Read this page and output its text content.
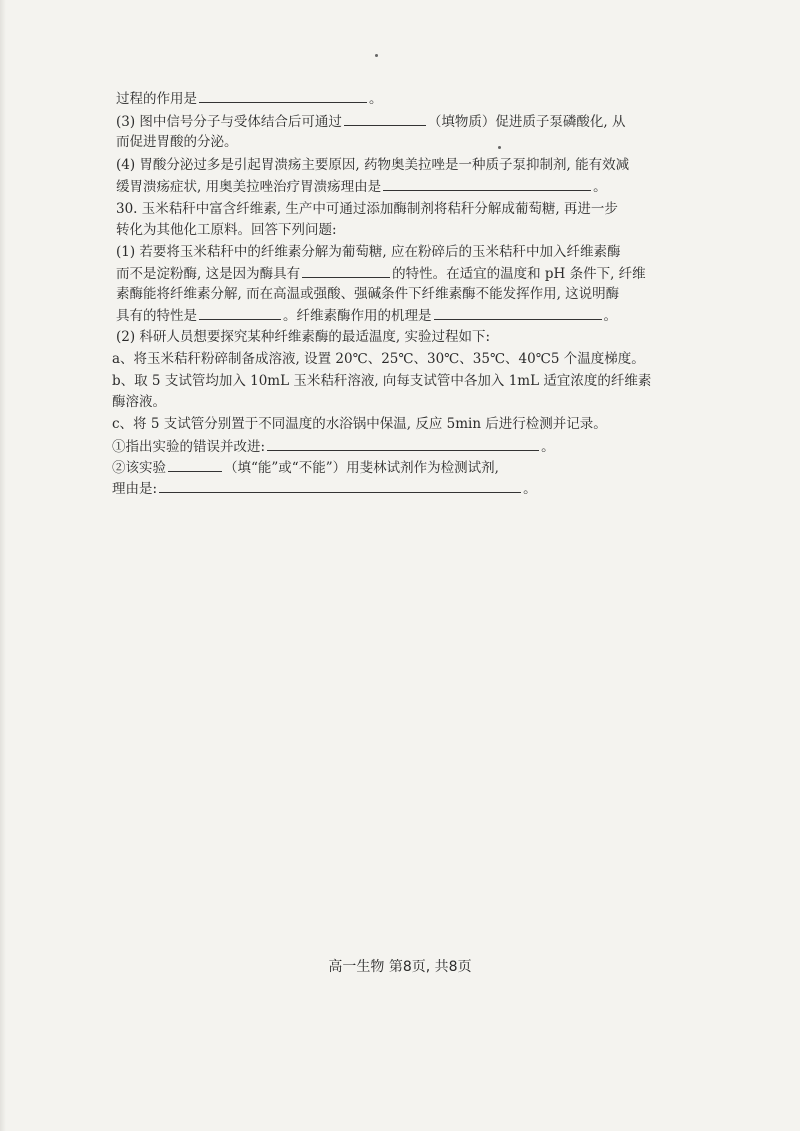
过程的作用是	。
(3) 图中信号分子与受体结合后可通过	（填物质）促进质子泵磷酸化, 从
而促进胃酸的分泌。
(4) 胃酸分泌过多是引起胃溃疡主要原因, 药物奥美拉唑是一种质子泵抑制剂, 能有效减
缓胃溃疡症状, 用奥美拉唑治疗胃溃疡理由是	。
30. 玉米秸秆中富含纤维素, 生产中可通过添加酶制剂将秸秆分解成葡萄糖, 再进一步
转化为其他化工原料。回答下列问题:
(1) 若要将玉米秸秆中的纤维素分解为葡萄糖, 应在粉碎后的玉米秸秆中加入纤维素酶
而不是淀粉酶, 这是因为酶具有	的特性。在适宜的温度和 pH 条件下, 纤维
素酶能将纤维素分解, 而在高温或强酸、强碱条件下纤维素酶不能发挥作用, 这说明酶
具有的特性是	。纤维素酶作用的机理是	。
(2) 科研人员想要探究某种纤维素酶的最适温度, 实验过程如下:
a、将玉米秸秆粉碎制备成溶液, 设置 20℃、25℃、30℃、35℃、40℃5 个温度梯度。
b、取 5 支试管均加入 10mL 玉米秸秆溶液, 向每支试管中各加入 1mL 适宜浓度的纤维素
酶溶液。
c、将 5 支试管分别置于不同温度的水浴锅中保温, 反应 5min 后进行检测并记录。
①指出实验的错误并改进:	。
②该实验	（填“能”或“不能”）用斐林试剂作为检测试剂,
理由是:	。
高一生物 第8页, 共8页
